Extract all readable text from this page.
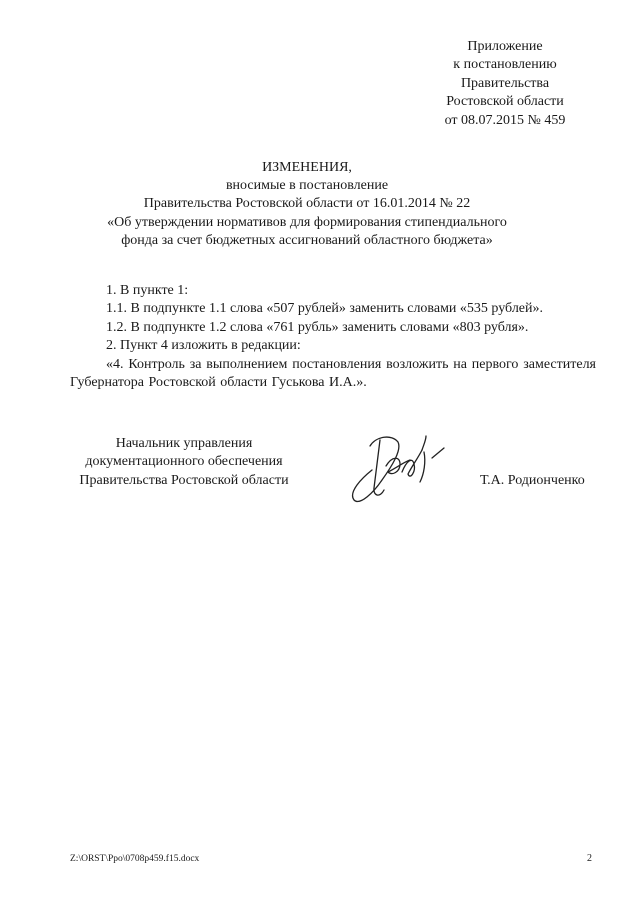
Приложение
к постановлению
Правительства
Ростовской области
от 08.07.2015 № 459
ИЗМЕНЕНИЯ,
вносимые в постановление
Правительства Ростовской области от 16.01.2014 № 22
«Об утверждении нормативов для формирования стипендиального
фонда за счет бюджетных ассигнований областного бюджета»
1. В пункте 1:
1.1. В подпункте 1.1 слова «507 рублей» заменить словами «535 рублей».
1.2. В подпункте 1.2 слова «761 рубль» заменить словами «803 рубля».
2. Пункт 4 изложить в редакции:
«4. Контроль за выполнением постановления возложить на первого заместителя Губернатора Ростовской области Гуськова И.А.».
Начальник управления
документационного обеспечения
Правительства Ростовской области	Т.А. Родионченко
Z:\ORST\Ppo\0708p459.f15.docx	2
